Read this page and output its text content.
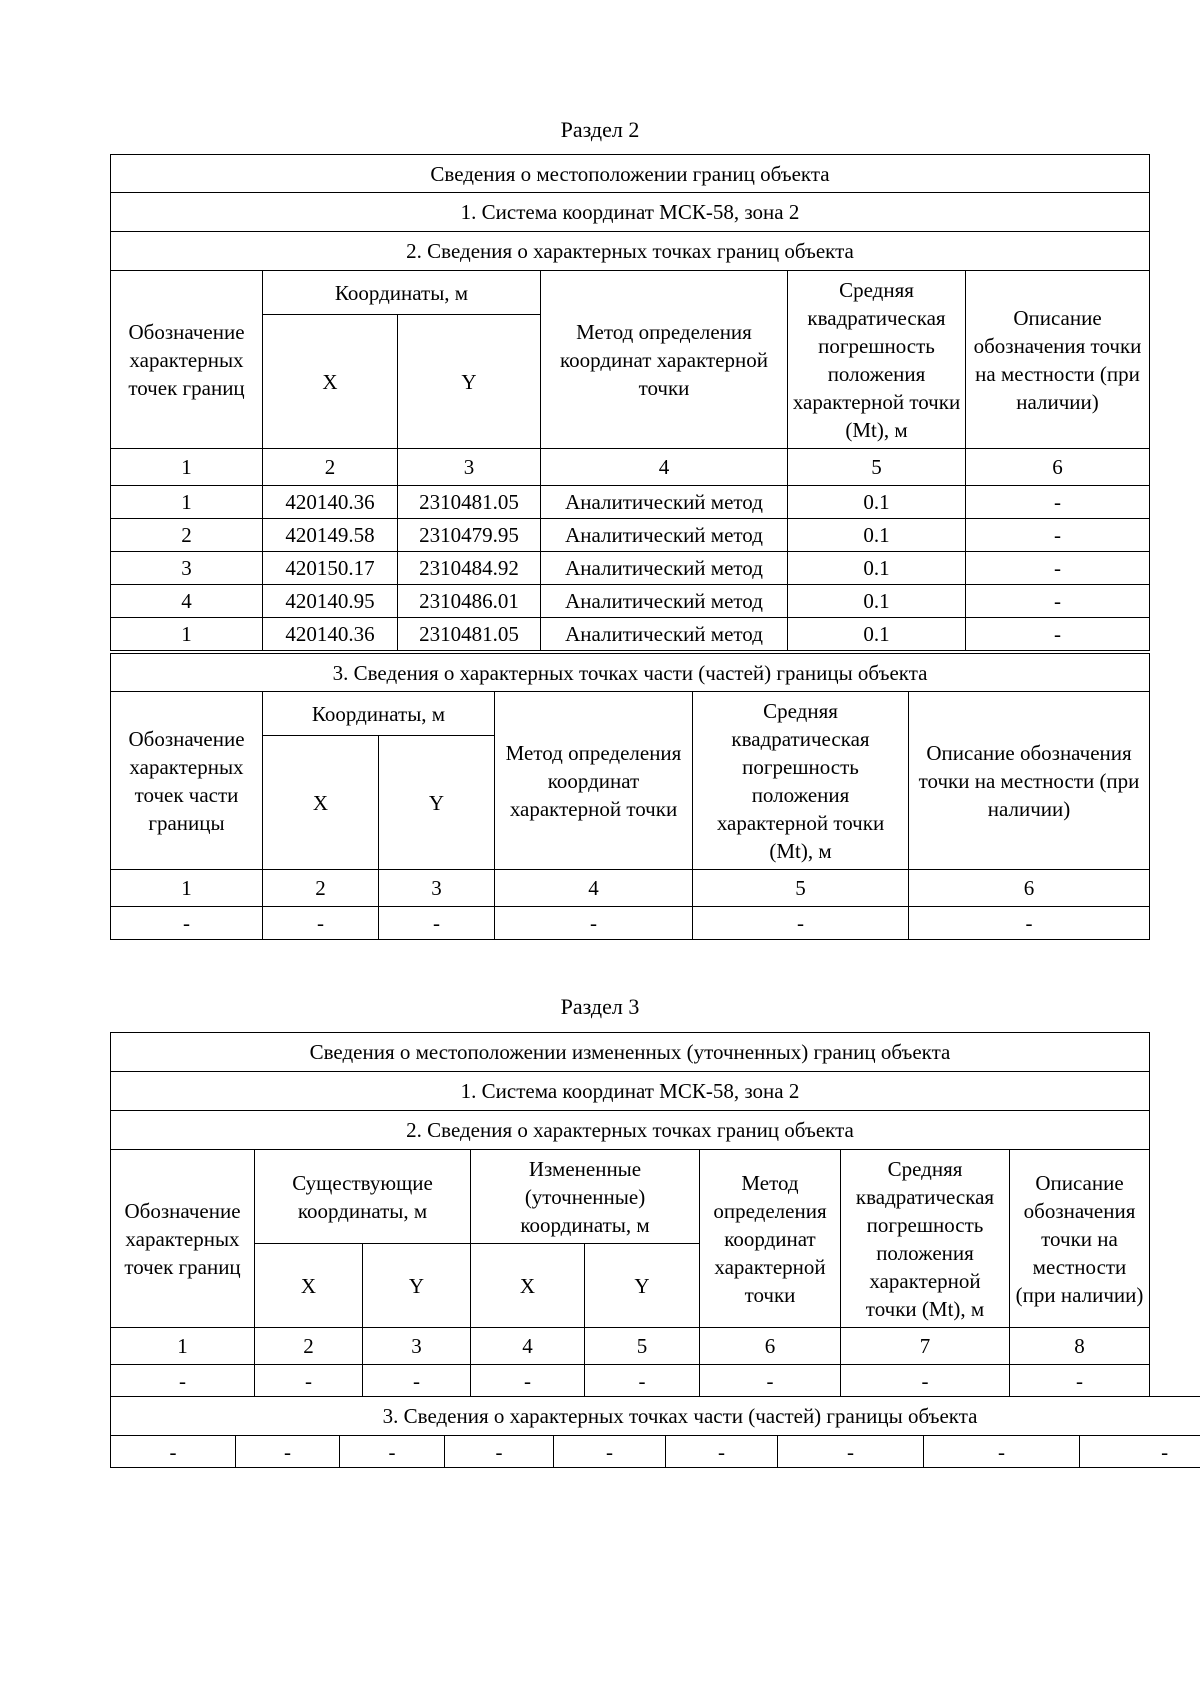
Раздел 2
Сведения о местоположении границ объекта					
1. Система координат МСК-58, зона 2					
2. Сведения о характерных точках границ объекта					
Обозначение характерных точек границ	Координаты, м		Метод определения координат характерной точки	Средняя квадратическая погрешность положения характерной точки (Mt), м	Описание обозначения точки на местности (при наличии)
	X	Y			
1	2	3	4	5	6
1	420140.36	2310481.05	Аналитический метод	0.1	-
2	420149.58	2310479.95	Аналитический метод	0.1	-
3	420150.17	2310484.92	Аналитический метод	0.1	-
4	420140.95	2310486.01	Аналитический метод	0.1	-
1	420140.36	2310481.05	Аналитический метод	0.1	-
3. Сведения о характерных точках части (частей) границы объекта					
Обозначение характерных точек части границы	Координаты, м		Метод определения координат характерной точки	Средняя квадратическая погрешность положения характерной точки (Mt), м	Описание обозначения точки на местности (при наличии)
	X	Y			
1	2	3	4	5	6
-	-	-	-	-	-
Раздел 3
Сведения о местоположении измененных (уточненных) границ объекта							
1. Система координат МСК-58, зона 2							
2. Сведения о характерных точках границ объекта							
Обозначение характерных точек границ	Существующие координаты, м		Измененные (уточненные) координаты, м		Метод определения координат характерной точки	Средняя квадратическая погрешность положения характерной точки (Mt), м	Описание обозначения точки на местности (при наличии)
	X	Y	X	Y			
1	2	3	4	5	6	7	8
-	-	-	-	-	-	-	-
3. Сведения о характерных точках части (частей) границы объекта
-	-	-	-	-	-	-	-	-
